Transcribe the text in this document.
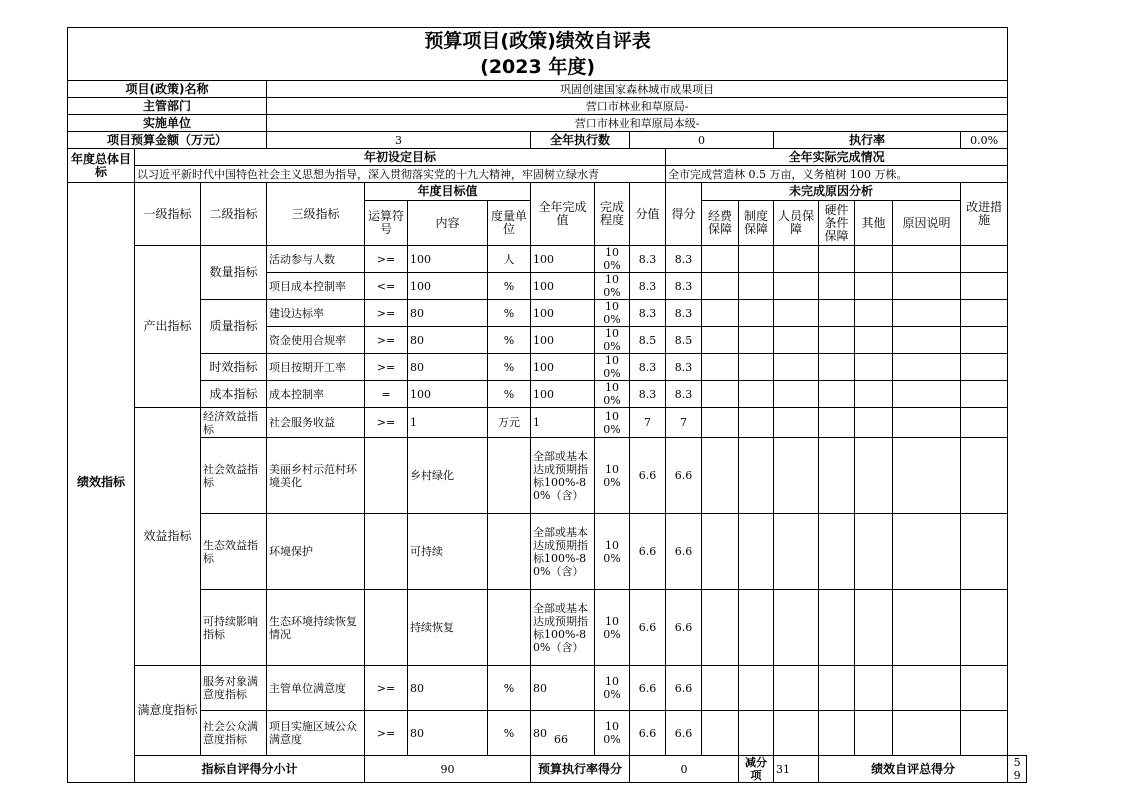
预算项目(政策)绩效自评表																		
(2023 年度)																		
项目(政策)名称			巩固创建国家森林城市成果项目															
主管部门			营口市林业和草原局-															
实施单位			营口市林业和草原局本级-															
项目预算金额（万元）			3				全年执行数		0				执行率				0.0%	
年度总体目标	年初设定目标									全年实际完成情况								
	以习近平新时代中国特色社会主义思想为指导，深入贯彻落实党的十九大精神，牢固树立绿水青									全市完成营造林 0.5 万亩，义务植树 100 万株。								
绩效指标	一级指标	二级指标	三级指标	年度目标值			全年完成值	完成程度	分值	得分	未完成原因分析						改进措施	
				运算符号	内容	度量单位					经费保障	制度保障	人员保障	硬件条件保障	其他	原因说明		

	产出指标	数量指标	活动参与人数	>=	100	人	100	100%	8.3	8.3								
			项目成本控制率	<=	100	%	100	100%	8.3	8.3								
		质量指标	建设达标率	>=	80	%	100	100%	8.3	8.3								
			资金使用合规率	>=	80	%	100	100%	8.5	8.5								
		时效指标	项目按期开工率	>=	80	%	100	100%	8.3	8.3								
		成本指标	成本控制率	=	100	%	100	100%	8.3	8.3								
	效益指标	经济效益指标	社会服务收益	>=	1	万元	1	100%	7	7								
		社会效益指标	美丽乡村示范村环境美化		乡村绿化		全部或基本达成预期指标100%-80%（含）	100%	6.6	6.6								
		生态效益指标	环境保护		可持续		全部或基本达成预期指标100%-80%（含）	100%	6.6	6.6								
		可持续影响指标	生态环境持续恢复情况		持续恢复		全部或基本达成预期指标100%-80%（含）	100%	6.6	6.6								
	满意度指标	服务对象满意度指标	主管单位满意度	>=	80	%	80	100%	6.6	6.6								
		社会公众满意度指标	项目实施区域公众满意度	>=	80	%	80	100%	6.6	6.6								
	指标自评得分小计			90			预算执行率得分		0			减分项	31	绩效自评总得分				59
66
